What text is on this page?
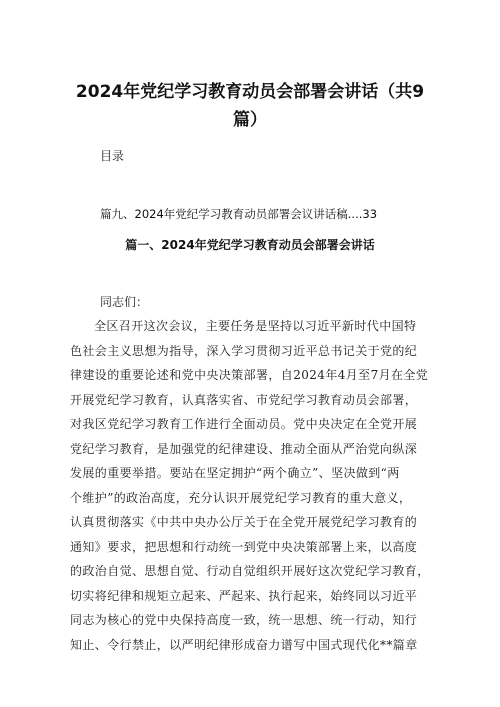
2024年党纪学习教育动员会部署会讲话（共9
篇）
目录
篇九、2024年党纪学习教育动员部署会议讲话稿....33
篇一、2024年党纪学习教育动员会部署会讲话
同志们：
全区召开这次会议，主要任务是坚持以习近平新时代中国特
色社会主义思想为指导，深入学习贯彻习近平总书记关于党的纪
律建设的重要论述和党中央决策部署，自2024年4月至7月在全党
开展党纪学习教育，认真落实省、市党纪学习教育动员会部署，
对我区党纪学习教育工作进行全面动员。党中央决定在全党开展
党纪学习教育，是加强党的纪律建设、推动全面从严治党向纵深
发展的重要举措。要站在坚定拥护“两个确立”、坚决做到“两
个维护”的政治高度，充分认识开展党纪学习教育的重大意义，
认真贯彻落实《中共中央办公厅关于在全党开展党纪学习教育的
通知》要求，把思想和行动统一到党中央决策部署上来，以高度
的政治自觉、思想自觉、行动自觉组织开展好这次党纪学习教育，
切实将纪律和规矩立起来、严起来、执行起来，始终同以习近平
同志为核心的党中央保持高度一致，统一思想、统一行动，知行
知止、令行禁止，以严明纪律形成奋力谱写中国式现代化**篇章
